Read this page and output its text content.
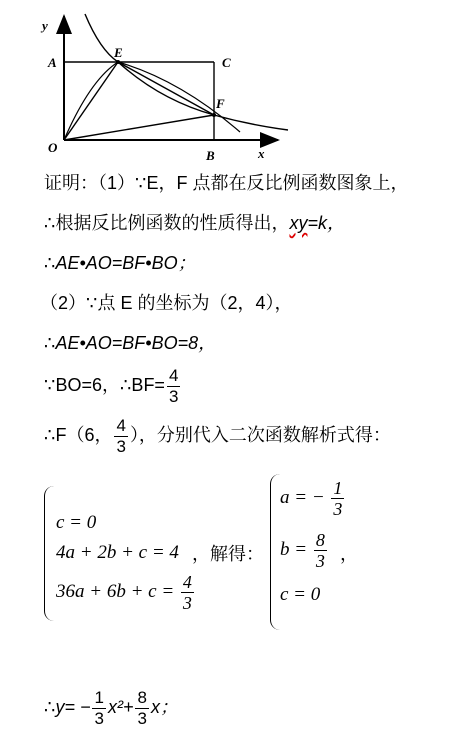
y
x
A
E
C
F
O
B
证明：（1）∵E，F 点都在反比例函数图象上，
∴根据反比例函数的性质得出，xy=k，
∴AE•AO=BF•BO；
（2）∵点 E 的坐标为（2，4），
∴AE•AO=BF•BO=8，
∵BO=6，∴BF= $\frac{4}{3}$
∴F（6， $\frac{4}{3}$ ），分别代入二次函数解析式得：
c = 0
4a + 2b + c = 4
$36a + 6b + c = \frac{4}{3}$
，解得：
a = − $\frac{1}{3}$
$b = \frac{8}{3}$
c = 0
，
∴y= − $\frac{1}{3} x^2+ \frac{8}{3}$ x；
